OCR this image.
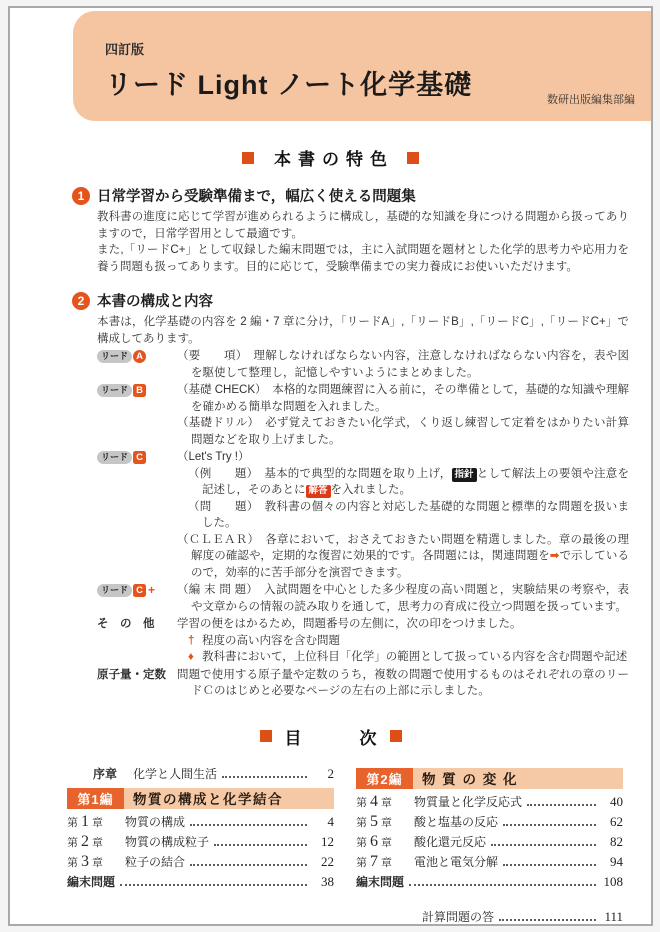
四訂版
リード Light ノート化学基礎	数研出版編集部編
本書の特色
1 日常学習から受験準備まで，幅広く使える問題集
教科書の進度に応じて学習が進められるように構成し，基礎的な知識を身につける問題から扱ってありますので，日常学習用として最適です。
また,「リードC+」として収録した編末問題では，主に入試問題を題材とした化学的思考力や応用力を養う問題も扱ってあります。目的に応じて，受験準備までの実力養成にお使いいただけます。
2 本書の構成と内容
本書は，化学基礎の内容を 2 編・7 章に分け，「リードA」,「リードB」,「リードC」,「リードC+」で構成してあります。
リード A	（要　　項）　理解しなければならない内容，注意しなければならない内容を，表や図を駆使して整理し，記憶しやすいようにまとめました。
リード B	（基礎 CHECK）　本格的な問題練習に入る前に，その準備として，基礎的な知識や理解を確かめる簡単な問題を入れました。
（基礎ドリル）　必ず覚えておきたい化学式，くり返し練習して定着をはかりたい計算問題などを取り上げました。
リード C	（Let's Try !）
（例　　題）　基本的で典型的な問題を取り上げ， 指針 として解法上の要領や注意を記述し，そのあとに 解答 を入れました。
（問　　題）　教科書の個々の内容と対応した基礎的な問題と標準的な問題を扱いました。
（ＣＬＥＡＲ）　各章において，おさえておきたい問題を精選しました。章の最後の理解度の確認や，定期的な復習に効果的です。各問題には，関連問題を➡で示しているので，効率的に苦手部分を演習できます。
リード C + （編 末 問 題）　入試問題を中心とした多少程度の高い問題と，実験結果の考察や，表や文章からの情報の読み取りを通して，思考力の育成に役立つ問題を扱っています。
そ　の　他	学習の便をはかるため，問題番号の左側に，次の印をつけました。
† 程度の高い内容を含む問題
♦ 教科書において，上位科目「化学」の範囲として扱っている内容を含む問題や記述
原子量・定数 問題で使用する原子量や定数のうち，複数の問題で使用するものはそれぞれの章のリードＣのはじめと必要なページの左右の上部に示しました。
目	次
序章 化学と人間生活	2
第1編	物質の構成と化学結合
第 1 章	物質の構成	4
第 2 章	物質の構成粒子	12
第 3 章	粒子の結合	22
編末問題	38
第2編	物 質 の 変 化
第 4 章	物質量と化学反応式	40
第 5 章	酸と塩基の反応	62
第 6 章	酸化還元反応	82
第 7 章	電池と電気分解	94
編末問題	108
計算問題の答	111
